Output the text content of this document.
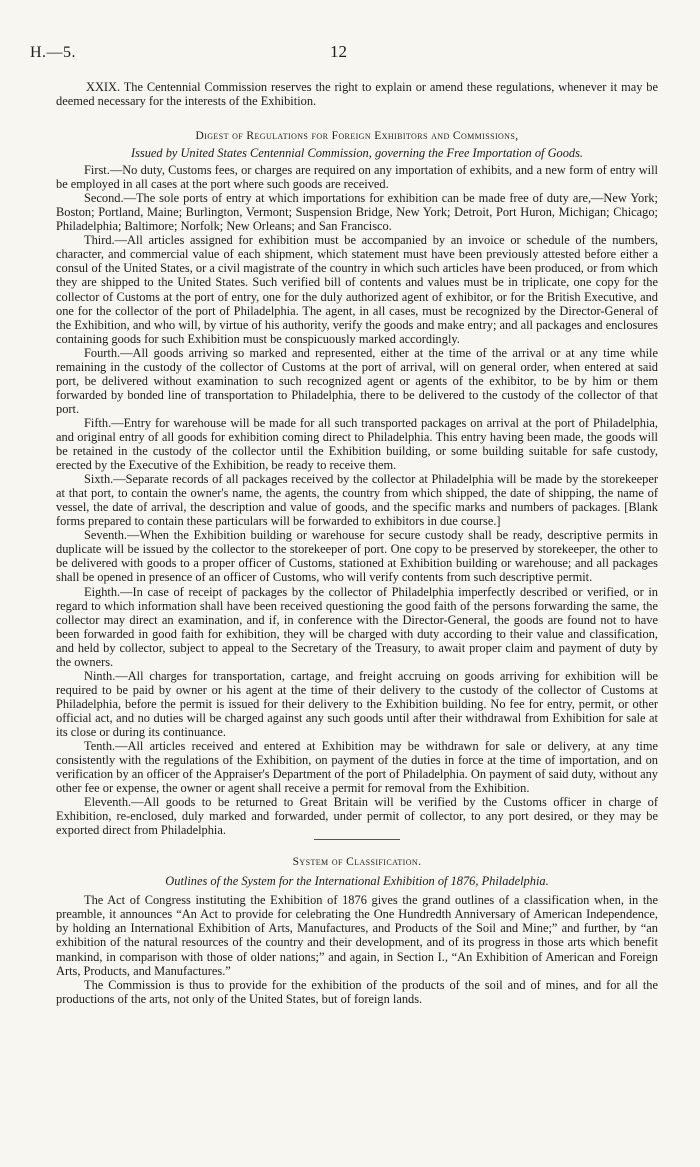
H.—5.	12

XXIX. The Centennial Commission reserves the right to explain or amend these regulations, whenever it may be deemed necessary for the interests of the Exhibition.

Digest of Regulations for Foreign Exhibitors and Commissions,
Issued by United States Centennial Commission, governing the Free Importation of Goods.

First.—No duty, Customs fees, or charges are required on any importation of exhibits, and a new form of entry will be employed in all cases at the port where such goods are received.

Second.—The sole ports of entry at which importations for exhibition can be made free of duty are,—New York; Boston; Portland, Maine; Burlington, Vermont; Suspension Bridge, New York; Detroit, Port Huron, Michigan; Chicago; Philadelphia; Baltimore; Norfolk; New Orleans; and San Francisco.

Third.—All articles assigned for exhibition must be accompanied by an invoice or schedule of the numbers, character, and commercial value of each shipment, which statement must have been previously attested before either a consul of the United States, or a civil magistrate of the country in which such articles have been produced, or from which they are shipped to the United States. Such verified bill of contents and values must be in triplicate, one copy for the collector of Customs at the port of entry, one for the duly authorized agent of exhibitor, or for the British Executive, and one for the collector of the port of Philadelphia. The agent, in all cases, must be recognized by the Director-General of the Exhibition, and who will, by virtue of his authority, verify the goods and make entry; and all packages and enclosures containing goods for such Exhibition must be conspicuously marked accordingly.

Fourth.—All goods arriving so marked and represented, either at the time of the arrival or at any time while remaining in the custody of the collector of Customs at the port of arrival, will on general order, when entered at said port, be delivered without examination to such recognized agent or agents of the exhibitor, to be by him or them forwarded by bonded line of transportation to Philadelphia, there to be delivered to the custody of the collector of that port.

Fifth.—Entry for warehouse will be made for all such transported packages on arrival at the port of Philadelphia, and original entry of all goods for exhibition coming direct to Philadelphia. This entry having been made, the goods will be retained in the custody of the collector until the Exhibition building, or some building suitable for safe custody, erected by the Executive of the Exhibition, be ready to receive them.

Sixth.—Separate records of all packages received by the collector at Philadelphia will be made by the storekeeper at that port, to contain the owner's name, the agents, the country from which shipped, the date of shipping, the name of vessel, the date of arrival, the description and value of goods, and the specific marks and numbers of packages. [Blank forms prepared to contain these particulars will be forwarded to exhibitors in due course.]

Seventh.—When the Exhibition building or warehouse for secure custody shall be ready, descriptive permits in duplicate will be issued by the collector to the storekeeper of port. One copy to be preserved by storekeeper, the other to be delivered with goods to a proper officer of Customs, stationed at Exhibition building or warehouse; and all packages shall be opened in presence of an officer of Customs, who will verify contents from such descriptive permit.

Eighth.—In case of receipt of packages by the collector of Philadelphia imperfectly described or verified, or in regard to which information shall have been received questioning the good faith of the persons forwarding the same, the collector may direct an examination, and if, in conference with the Director-General, the goods are found not to have been forwarded in good faith for exhibition, they will be charged with duty according to their value and classification, and held by collector, subject to appeal to the Secretary of the Treasury, to await proper claim and payment of duty by the owners.

Ninth.—All charges for transportation, cartage, and freight accruing on goods arriving for exhibition will be required to be paid by owner or his agent at the time of their delivery to the custody of the collector of Customs at Philadelphia, before the permit is issued for their delivery to the Exhibition building. No fee for entry, permit, or other official act, and no duties will be charged against any such goods until after their withdrawal from Exhibition for sale at its close or during its continuance.

Tenth.—All articles received and entered at Exhibition may be withdrawn for sale or delivery, at any time consistently with the regulations of the Exhibition, on payment of the duties in force at the time of importation, and on verification by an officer of the Appraiser's Department of the port of Philadelphia. On payment of said duty, without any other fee or expense, the owner or agent shall receive a permit for removal from the Exhibition.

Eleventh.—All goods to be returned to Great Britain will be verified by the Customs officer in charge of Exhibition, re-enclosed, duly marked and forwarded, under permit of collector, to any port desired, or they may be exported direct from Philadelphia.

System of Classification.
Outlines of the System for the International Exhibition of 1876, Philadelphia.

The Act of Congress instituting the Exhibition of 1876 gives the grand outlines of a classification when, in the preamble, it announces “An Act to provide for celebrating the One Hundredth Anniversary of American Independence, by holding an International Exhibition of Arts, Manufactures, and Products of the Soil and Mine;” and further, by “an exhibition of the natural resources of the country and their development, and of its progress in those arts which benefit mankind, in comparison with those of older nations;” and again, in Section I., “An Exhibition of American and Foreign Arts, Products, and Manufactures.”

The Commission is thus to provide for the exhibition of the products of the soil and of mines, and for all the productions of the arts, not only of the United States, but of foreign lands.
